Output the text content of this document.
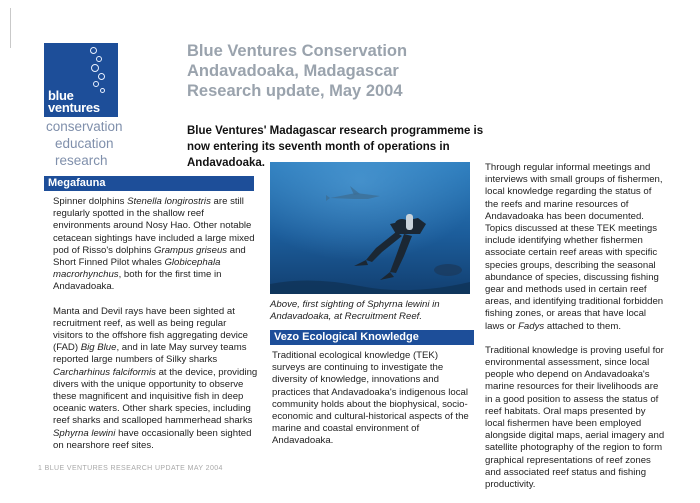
blue
ventures
conservation
education
research
Blue Ventures Conservation
Andavadoaka, Madagascar
Research update, May 2004
Blue Ventures' Madagascar research programmeme is now entering its seventh month of operations in Andavadoaka.
Megafauna

Spinner dolphins Stenella longirostris are still regularly spotted in the shallow reef environments around Nosy Hao. Other notable cetacean sightings have included a large mixed pod of Risso's dolphins Grampus griseus and Short Finned Pilot whales Globicephala macrorhynchus, both for the first time in Andavadoaka.

Manta and Devil rays have been sighted at recruitment reef, as well as being regular visitors to the offshore fish aggregating device (FAD) Big Blue, and in late May survey teams reported large numbers of Silky sharks Carcharhinus falciformis at the device, providing divers with the unique opportunity to observe these magnificent and inquisitive fish in deep oceanic waters. Other shark species, including reef sharks and scalloped hammerhead sharks Sphyrna lewini have occasionally been sighted on nearshore reef sites.

Above, first sighting of Sphyrna lewini in Andavadoaka, at Recruitment Reef.
Vezo Ecological Knowledge

Traditional ecological knowledge (TEK) surveys are continuing to investigate the diversity of knowledge, innovations and practices that Andavadoaka's indigenous local community holds about the biophysical, socio-economic and cultural-historical aspects of the marine and coastal environment of Andavadoaka.

Through regular informal meetings and interviews with small groups of fishermen, local knowledge regarding the status of the reefs and marine resources of Andavadoaka has been documented. Topics discussed at these TEK meetings include identifying whether fishermen associate certain reef areas with specific species groups, describing the seasonal abundance of species, discussing fishing gear and methods used in certain reef areas, and identifying traditional forbidden fishing zones, or areas that have local laws or Fadys attached to them.

Traditional knowledge is proving useful for environmental assessment, since local people who depend on Andavadoaka's marine resources for their livelihoods are in a good position to assess the status of reef habitats. Oral maps presented by local fishermen have been employed alongside digital maps, aerial imagery and satellite photography of the region to form graphical representations of reef zones and associated reef status and fishing productivity.

1 BLUE VENTURES RESEARCH UPDATE MAY 2004
